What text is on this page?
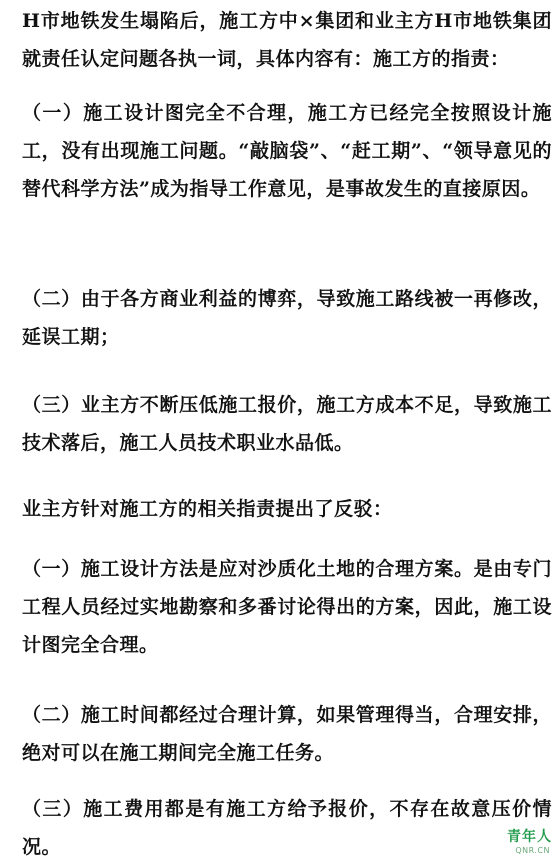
H市地铁发生塌陷后，施工方中×集团和业主方H市地铁集团就责任认定问题各执一词，具体内容有：施工方的指责：

（一）施工设计图完全不合理，施工方已经完全按照设计施工，没有出现施工问题。“敲脑袋”、“赶工期”、“领导意见的替代科学方法”成为指导工作意见，是事故发生的直接原因。

（二）由于各方商业利益的博弈，导致施工路线被一再修改，延误工期；

（三）业主方不断压低施工报价，施工方成本不足，导致施工技术落后，施工人员技术职业水品低。

业主方针对施工方的相关指责提出了反驳：

（一）施工设计方法是应对沙质化土地的合理方案。是由专门工程人员经过实地勘察和多番讨论得出的方案，因此，施工设计图完全合理。

（二）施工时间都经过合理计算，如果管理得当，合理安排，绝对可以在施工期间完全施工任务。

（三）施工费用都是有施工方给予报价，不存在故意压价情况。	青年人
QNR.CN
